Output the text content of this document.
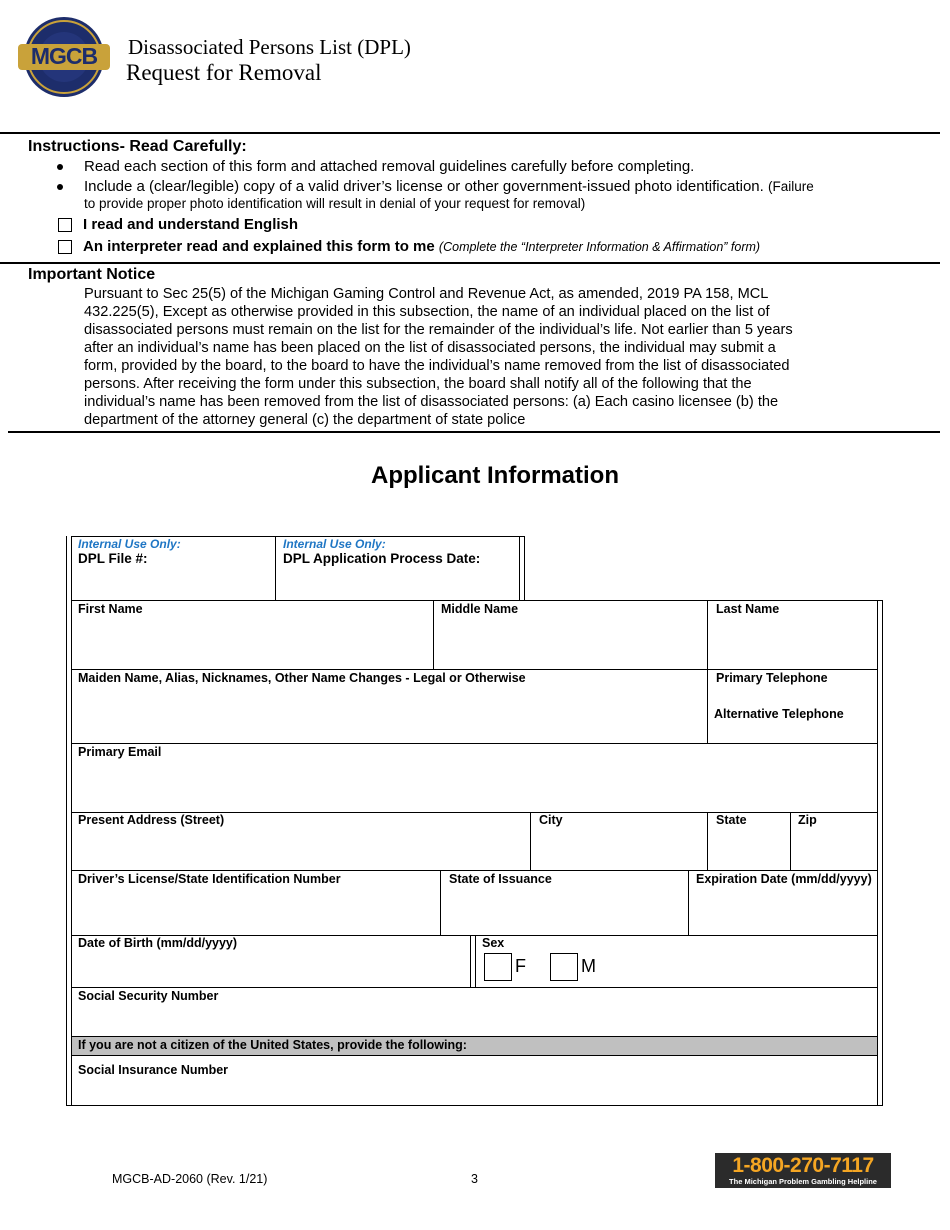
MGCB	Disassociated Persons List (DPL)
Request for Removal
Instructions- Read Carefully:
Read each section of this form and attached removal guidelines carefully before completing.
Include a (clear/legible) copy of a valid driver’s license or other government-issued photo identification. (Failure
to provide proper photo identification will result in denial of your request for removal)
I read and understand English
An interpreter read and explained this form to me (Complete the “Interpreter Information & Affirmation” form)
Important Notice
Pursuant to Sec 25(5) of the Michigan Gaming Control and Revenue Act, as amended, 2019 PA 158, MCL
432.225(5), Except as otherwise provided in this subsection, the name of an individual placed on the list of
disassociated persons must remain on the list for the remainder of the individual’s life. Not earlier than 5 years
after an individual’s name has been placed on the list of disassociated persons, the individual may submit a
form, provided by the board, to the board to have the individual’s name removed from the list of disassociated
persons. After receiving the form under this subsection, the board shall notify all of the following that the
individual’s name has been removed from the list of disassociated persons: (a) Each casino licensee (b) the
department of the attorney general (c) the department of state police
Applicant Information
Internal Use Only:
DPL File #:
Internal Use Only:
DPL Application Process Date:
First Name	Middle Name	Last Name
Maiden Name, Alias, Nicknames, Other Name Changes - Legal or Otherwise	Primary Telephone
Alternative Telephone
Primary Email
Present Address (Street)	City	State	Zip
Driver’s License/State Identification Number	State of Issuance	Expiration Date (mm/dd/yyyy)
Date of Birth (mm/dd/yyyy)	Sex
F	M
Social Security Number
If you are not a citizen of the United States, provide the following:
Social Insurance Number
MGCB-AD-2060 (Rev. 1/21)	3
1-800-270-7117
The Michigan Problem Gambling Helpline
